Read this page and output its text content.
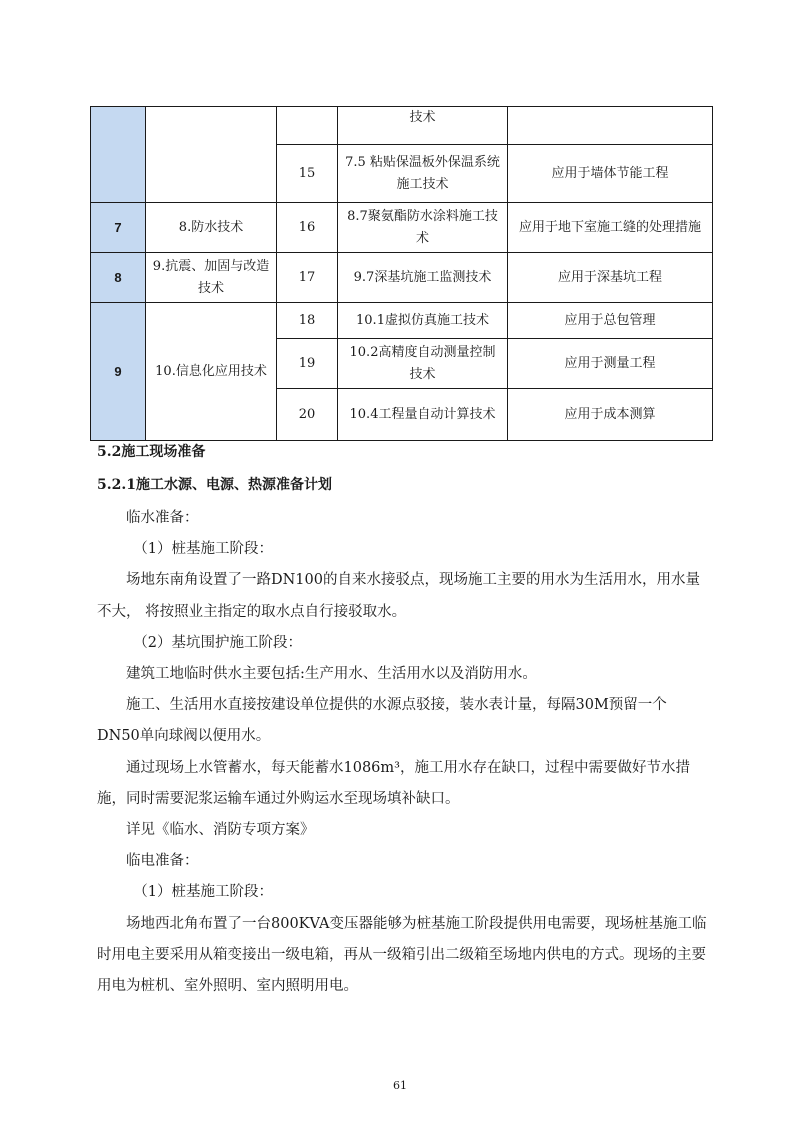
			技术	
		15	7.5 粘贴保温板外保温系统施工技术	应用于墙体节能工程
7	8.防水技术	16	8.7聚氨酯防水涂料施工技术	应用于地下室施工缝的处理措施
8	9.抗震、加固与改造技术	17	9.7深基坑施工监测技术	应用于深基坑工程
9	10.信息化应用技术	18	10.1虚拟仿真施工技术	应用于总包管理
		19	10.2高精度自动测量控制技术	应用于测量工程
		20	10.4工程量自动计算技术	应用于成本测算
5.2施工现场准备
5.2.1施工水源、电源、热源准备计划

临水准备：

（1）桩基施工阶段：

场地东南角设置了一路DN100的自来水接驳点，现场施工主要的用水为生活用水，用水量不大， 将按照业主指定的取水点自行接驳取水。

（2）基坑围护施工阶段：

建筑工地临时供水主要包括:生产用水、生活用水以及消防用水。

施工、生活用水直接按建设单位提供的水源点驳接，装水表计量，每隔30M预留一个DN50单向球阀以便用水。

通过现场上水管蓄水，每天能蓄水1086m³，施工用水存在缺口，过程中需要做好节水措施，同时需要泥浆运输车通过外购运水至现场填补缺口。

详见《临水、消防专项方案》

临电准备：

（1）桩基施工阶段：

场地西北角布置了一台800KVA变压器能够为桩基施工阶段提供用电需要，现场桩基施工临时用电主要采用从箱变接出一级电箱，再从一级箱引出二级箱至场地内供电的方式。现场的主要用电为桩机、室外照明、室内照明用电。

61
